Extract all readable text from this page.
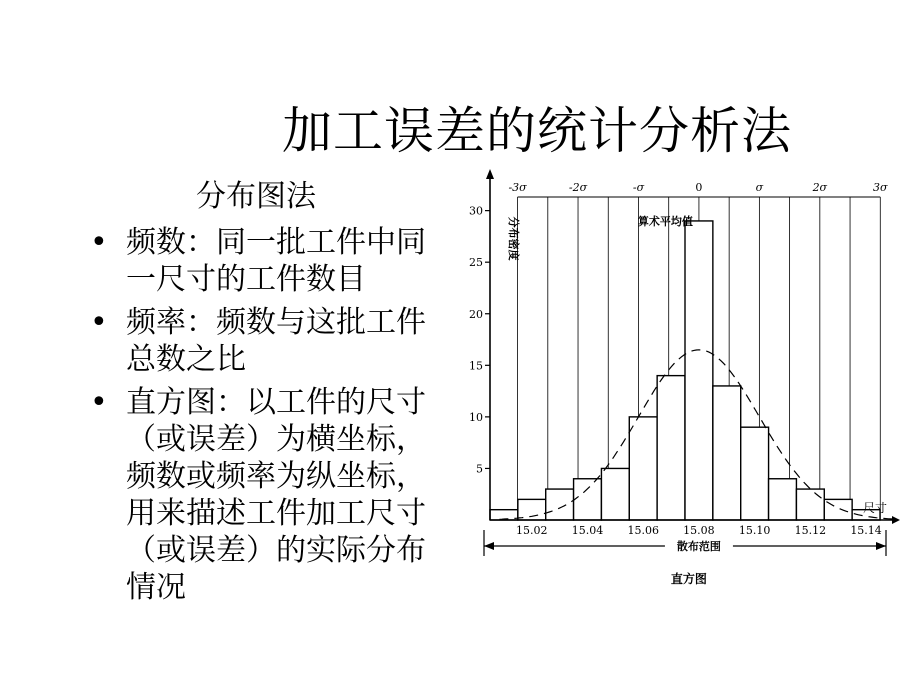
加工误差的统计分析法
分布图法
• 频数：同一批工件中同一尺寸的工件数目
• 频率：频数与这批工件总数之比
• 直方图：以工件的尺寸（或误差）为横坐标，频数或频率为纵坐标，用来描述工件加工尺寸（或误差）的实际分布情况
-3σ	-2σ	-σ	0	σ	2σ	3σ
5
10
15
20
25
30
15.02 15.04 15.06 15.08 15.10 15.12 15.14
分布密度
尺寸
算术平均值
散布范围
直方图
